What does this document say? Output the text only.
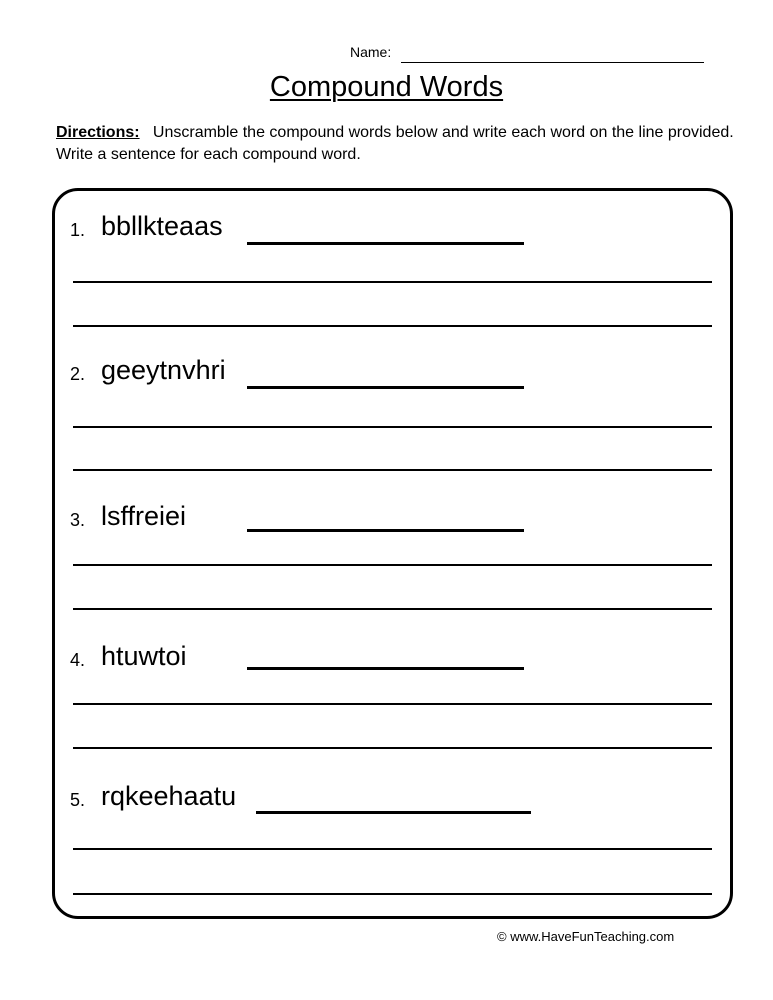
Name:
Compound Words
Directions: Unscramble the compound words below and write each word on the line provided. Write a sentence for each compound word.
1. bbllkteaas
2. geeytnvhri
3. lsffreiei
4. htuwtoi
5. rqkeehaatu
© www.HaveFunTeaching.com
